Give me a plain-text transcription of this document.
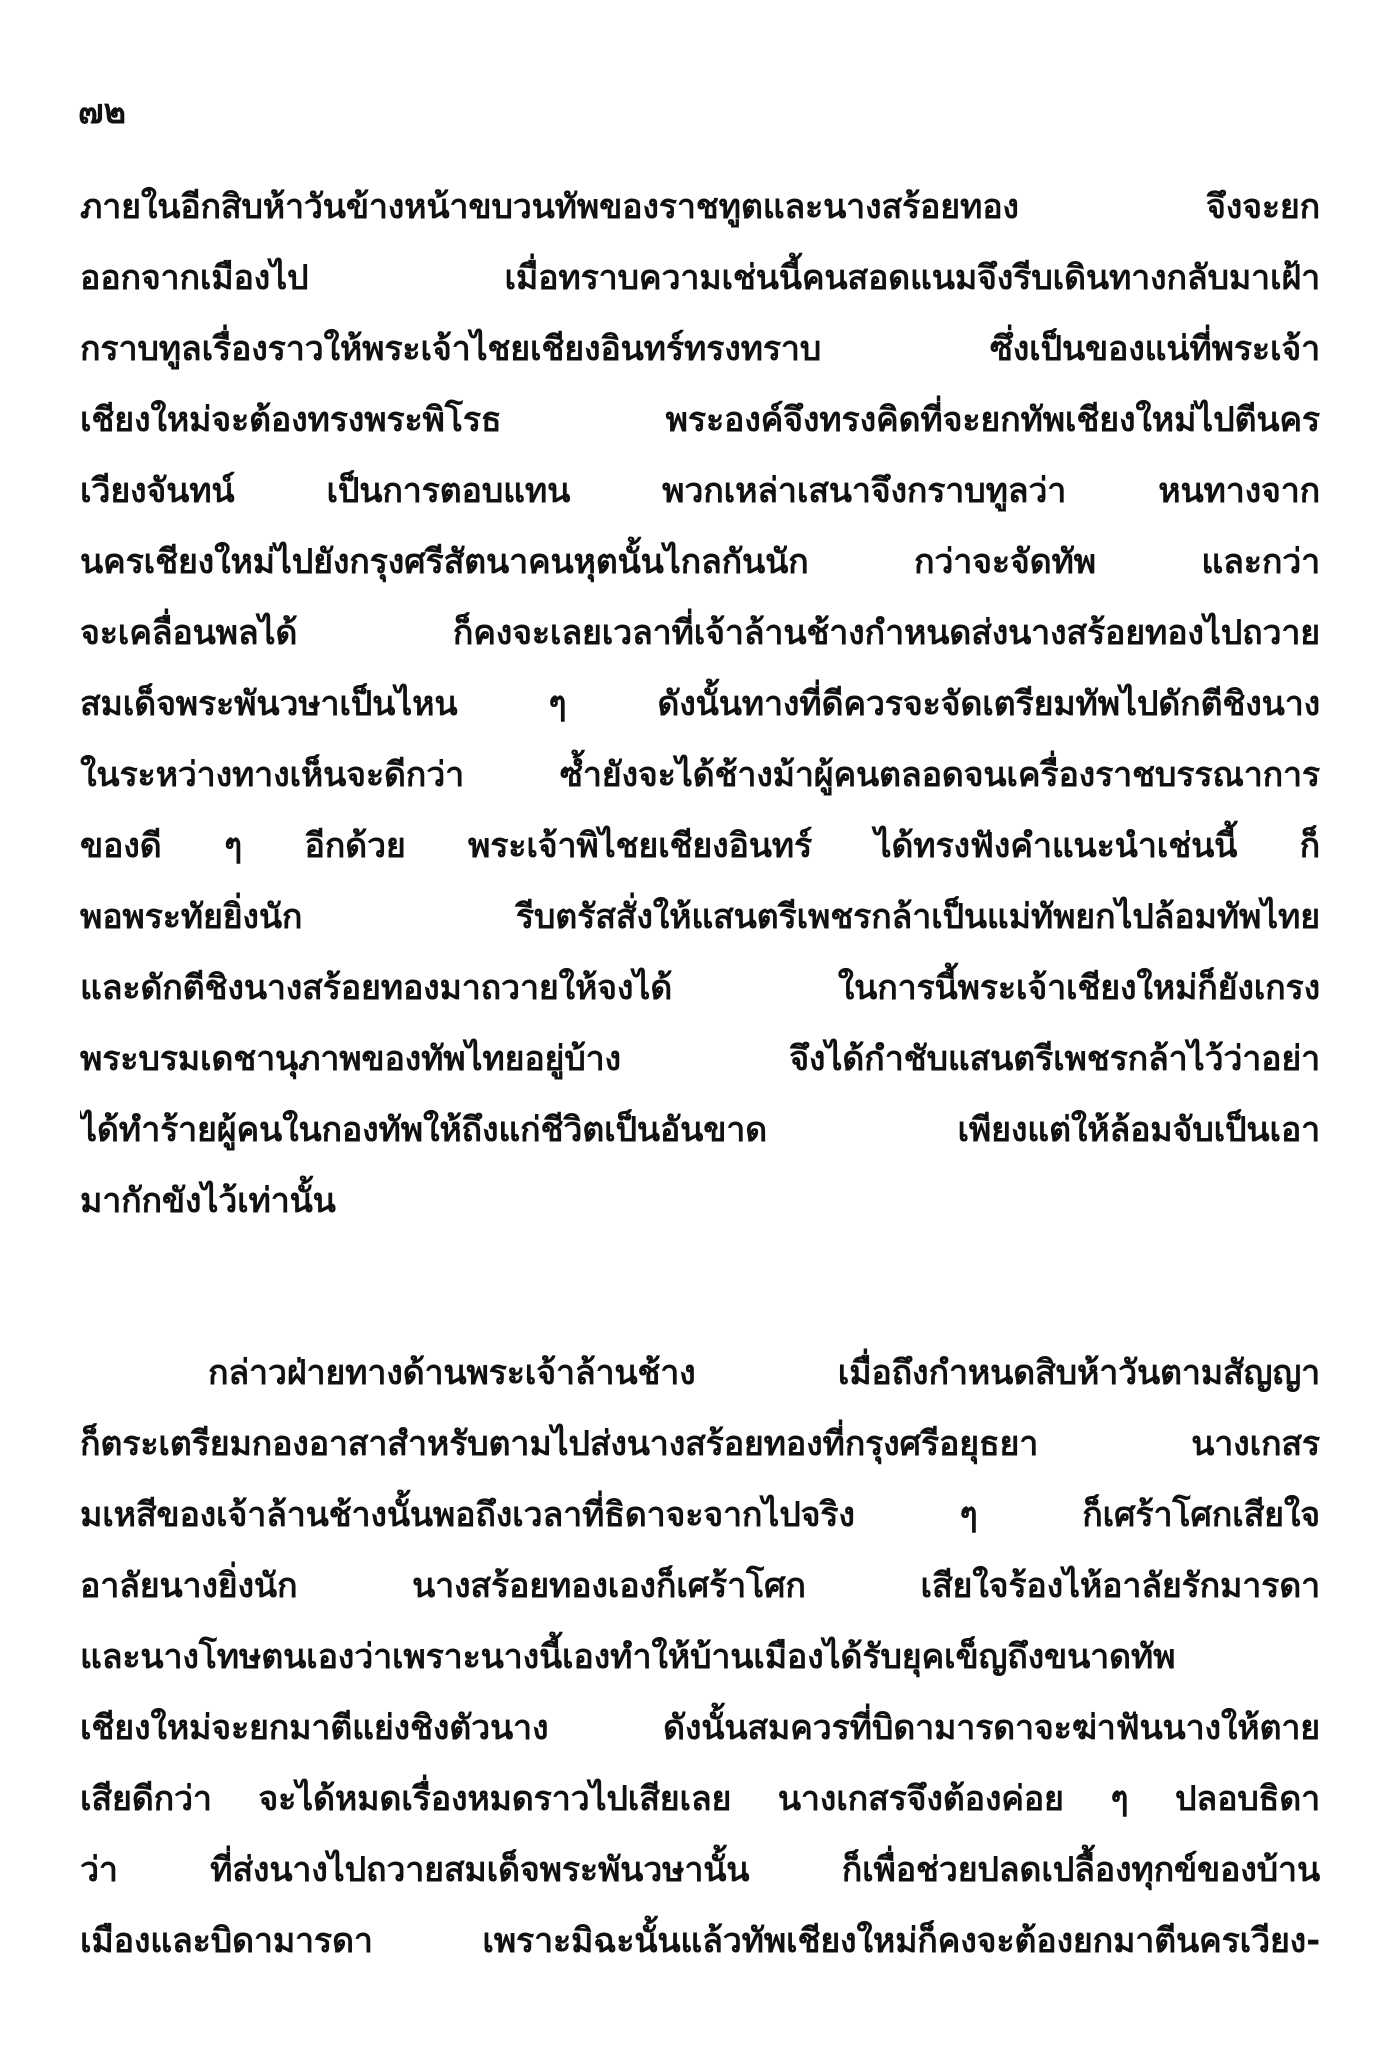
๗๒
ภายในอีกสิบห้าวันข้างหน้าขบวนทัพของราชทูตและนางสร้อยทอง จึงจะยก
ออกจากเมืองไป เมื่อทราบความเช่นนี้คนสอดแนมจึงรีบเดินทางกลับมาเฝ้า
กราบทูลเรื่องราวให้พระเจ้าไชยเชียงอินทร์ทรงทราบ ซึ่งเป็นของแน่ที่พระเจ้า
เชียงใหม่จะต้องทรงพระพิโรธ พระองค์จึงทรงคิดที่จะยกทัพเชียงใหม่ไปตีนคร
เวียงจันทน์ เป็นการตอบแทน พวกเหล่าเสนาจึงกราบทูลว่า หนทางจาก
นครเชียงใหม่ไปยังกรุงศรีสัตนาคนหุตนั้นไกลกันนัก กว่าจะจัดทัพ และกว่า
จะเคลื่อนพลได้ ก็คงจะเลยเวลาที่เจ้าล้านช้างกำหนดส่งนางสร้อยทองไปถวาย
สมเด็จพระพันวษาเป็นไหน ๆ ดังนั้นทางที่ดีควรจะจัดเตรียมทัพไปดักตีชิงนาง
ในระหว่างทางเห็นจะดีกว่า ซ้ำยังจะได้ช้างม้าผู้คนตลอดจนเครื่องราชบรรณาการ
ของดี ๆ อีกด้วย พระเจ้าพิไชยเชียงอินทร์ ได้ทรงฟังคำแนะนำเช่นนี้ ก็
พอพระทัยยิ่งนัก รีบตรัสสั่งให้แสนตรีเพชรกล้าเป็นแม่ทัพยกไปล้อมทัพไทย
และดักตีชิงนางสร้อยทองมาถวายให้จงได้ ในการนี้พระเจ้าเชียงใหม่ก็ยังเกรง
พระบรมเดชานุภาพของทัพไทยอยู่บ้าง จึงได้กำชับแสนตรีเพชรกล้าไว้ว่าอย่า
ได้ทำร้ายผู้คนในกองทัพให้ถึงแก่ชีวิตเป็นอันขาด เพียงแต่ให้ล้อมจับเป็นเอา
มากักขังไว้เท่านั้น
กล่าวฝ่ายทางด้านพระเจ้าล้านช้าง เมื่อถึงกำหนดสิบห้าวันตามสัญญา
ก็ตระเตรียมกองอาสาสำหรับตามไปส่งนางสร้อยทองที่กรุงศรีอยุธยา นางเกสร
มเหสีของเจ้าล้านช้างนั้นพอถึงเวลาที่ธิดาจะจากไปจริง ๆ ก็เศร้าโศกเสียใจ
อาลัยนางยิ่งนัก นางสร้อยทองเองก็เศร้าโศก เสียใจร้องไห้อาลัยรักมารดา
และนางโทษตนเองว่าเพราะนางนี้เองทำให้บ้านเมืองได้รับยุคเข็ญถึงขนาดทัพ
เชียงใหม่จะยกมาตีแย่งชิงตัวนาง ดังนั้นสมควรที่บิดามารดาจะฆ่าฟันนางให้ตาย
เสียดีกว่า จะได้หมดเรื่องหมดราวไปเสียเลย นางเกสรจึงต้องค่อย ๆ ปลอบธิดา
ว่า ที่ส่งนางไปถวายสมเด็จพระพันวษานั้น ก็เพื่อช่วยปลดเปลื้องทุกข์ของบ้าน
เมืองและบิดามารดา เพราะมิฉะนั้นแล้วทัพเชียงใหม่ก็คงจะต้องยกมาตีนครเวียง-
